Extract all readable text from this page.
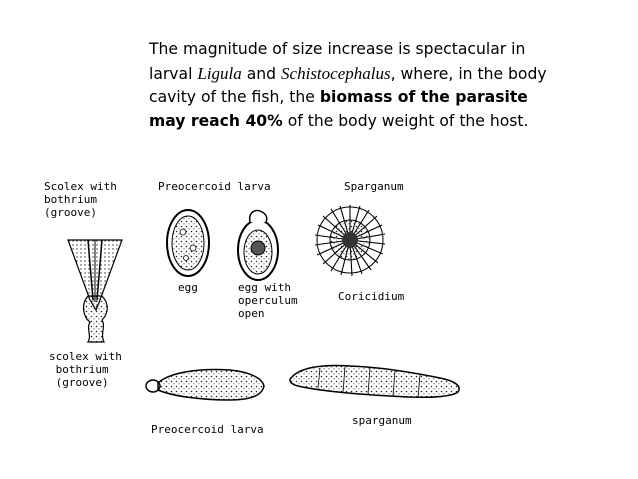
The magnitude of size increase is spectacular in larval Ligula and Schistocephalus, where, in the body cavity of the fish, the biomass of the parasite may reach 40% of the body weight of the host.
Scolex with
bothrium
(groove)
Preocercoid larva	Sparganum
egg	egg with
operculum
open
Coricidium
scolex with
bothrium
(groove)
Preocercoid larva
sparganum
